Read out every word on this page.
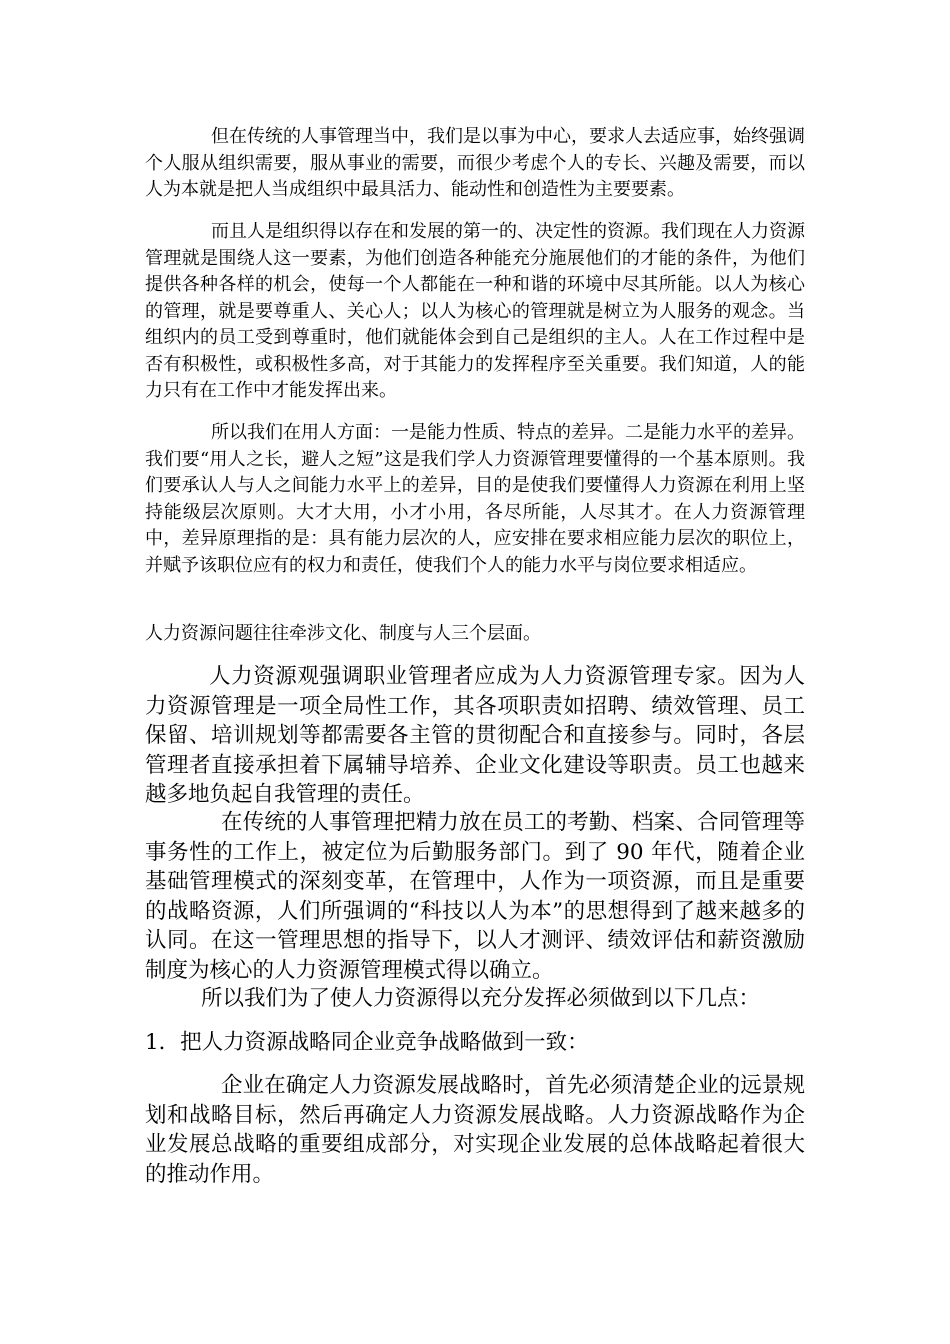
但在传统的人事管理当中，我们是以事为中心，要求人去适应事，始终强调个人服从组织需要，服从事业的需要，而很少考虑个人的专长、兴趣及需要，而以人为本就是把人当成组织中最具活力、能动性和创造性为主要要素。

而且人是组织得以存在和发展的第一的、决定性的资源。我们现在人力资源管理就是围绕人这一要素，为他们创造各种能充分施展他们的才能的条件，为他们提供各种各样的机会，使每一个人都能在一种和谐的环境中尽其所能。以人为核心的管理，就是要尊重人、关心人；以人为核心的管理就是树立为人服务的观念。当组织内的员工受到尊重时，他们就能体会到自己是组织的主人。人在工作过程中是否有积极性，或积极性多高，对于其能力的发挥程序至关重要。我们知道，人的能力只有在工作中才能发挥出来。

所以我们在用人方面：一是能力性质、特点的差异。二是能力水平的差异。我们要“用人之长，避人之短”这是我们学人力资源管理要懂得的一个基本原则。我们要承认人与人之间能力水平上的差异，目的是使我们要懂得人力资源在利用上坚持能级层次原则。大才大用，小才小用，各尽所能，人尽其才。在人力资源管理中，差异原理指的是：具有能力层次的人，应安排在要求相应能力层次的职位上，并赋予该职位应有的权力和责任，使我们个人的能力水平与岗位要求相适应。

人力资源问题往往牵涉文化、制度与人三个层面。

人力资源观强调职业管理者应成为人力资源管理专家。因为人力资源管理是一项全局性工作，其各项职责如招聘、绩效管理、员工保留、培训规划等都需要各主管的贯彻配合和直接参与。同时，各层管理者直接承担着下属辅导培养、企业文化建设等职责。员工也越来越多地负起自我管理的责任。

在传统的人事管理把精力放在员工的考勤、档案、合同管理等事务性的工作上，被定位为后勤服务部门。到了 90 年代，随着企业基础管理模式的深刻变革，在管理中，人作为一项资源，而且是重要的战略资源，人们所强调的“科技以人为本”的思想得到了越来越多的认同。在这一管理思想的指导下，以人才测评、绩效评估和薪资激励制度为核心的人力资源管理模式得以确立。

所以我们为了使人力资源得以充分发挥必须做到以下几点：

1．把人力资源战略同企业竞争战略做到一致：

企业在确定人力资源发展战略时，首先必须清楚企业的远景规划和战略目标，然后再确定人力资源发展战略。人力资源战略作为企业发展总战略的重要组成部分，对实现企业发展的总体战略起着很大的推动作用。
